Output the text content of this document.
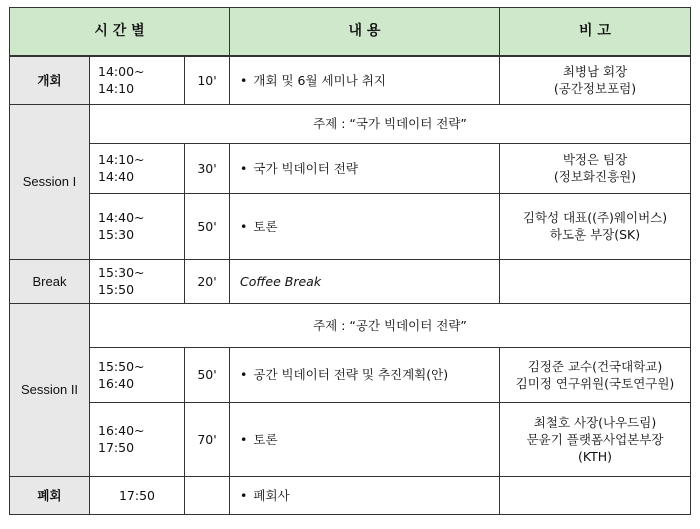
시 간 별			내 용	비 고
개회	14:00~ 14:10	10'	• 개회 및 6월 세미나 취지	최병남 회장
(공간정보포럼)

Session I	주제 : “국가 빅데이터 전략”			
	14:10~ 14:40	30'	• 국가 빅데이터 전략	박정은 팀장
(정보화진흥원)

	14:40~ 15:30	50'	• 토론	김학성 대표((주)웨이버스)
하도훈 부장(SK)

Break	15:30~ 15:50	20'	Coffee Break	
Session II	주제 : “공간 빅데이터 전략”			
	15:50~ 16:40	50'	• 공간 빅데이터 전략 및 추진계획(안)	김정준 교수(건국대학교)
김미정 연구위원(국토연구원)

	16:40~ 17:50	70'	• 토론	최철호 사장(나우드림)
문윤기 플랫폼사업본부장
(KTH)

폐회	17:50		• 폐회사	
